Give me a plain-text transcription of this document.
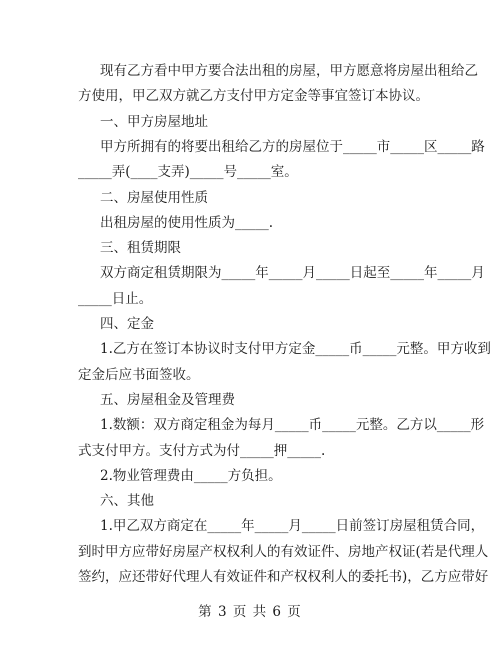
现有乙方看中甲方要合法出租的房屋，甲方愿意将房屋出租给乙
方使用，甲乙双方就乙方支付甲方定金等事宜签订本协议。
一、甲方房屋地址
甲方所拥有的将要出租给乙方的房屋位于_____市_____区_____路
_____弄(____支弄)_____号_____室。
二、房屋使用性质
出租房屋的使用性质为_____.
三、租赁期限
双方商定租赁期限为_____年_____月_____日起至_____年_____月
_____日止。
四、定金
1.乙方在签订本协议时支付甲方定金_____币_____元整。甲方收到
定金后应书面签收。
五、房屋租金及管理费
1.数额：双方商定租金为每月_____币_____元整。乙方以_____形
式支付甲方。支付方式为付_____押_____.
2.物业管理费由_____方负担。
六、其他
1.甲乙双方商定在_____年_____月_____日前签订房屋租赁合同，
到时甲方应带好房屋产权权利人的有效证件、房地产权证(若是代理人
签约，应还带好代理人有效证件和产权权利人的委托书)，乙方应带好
第 3 页 共 6 页
